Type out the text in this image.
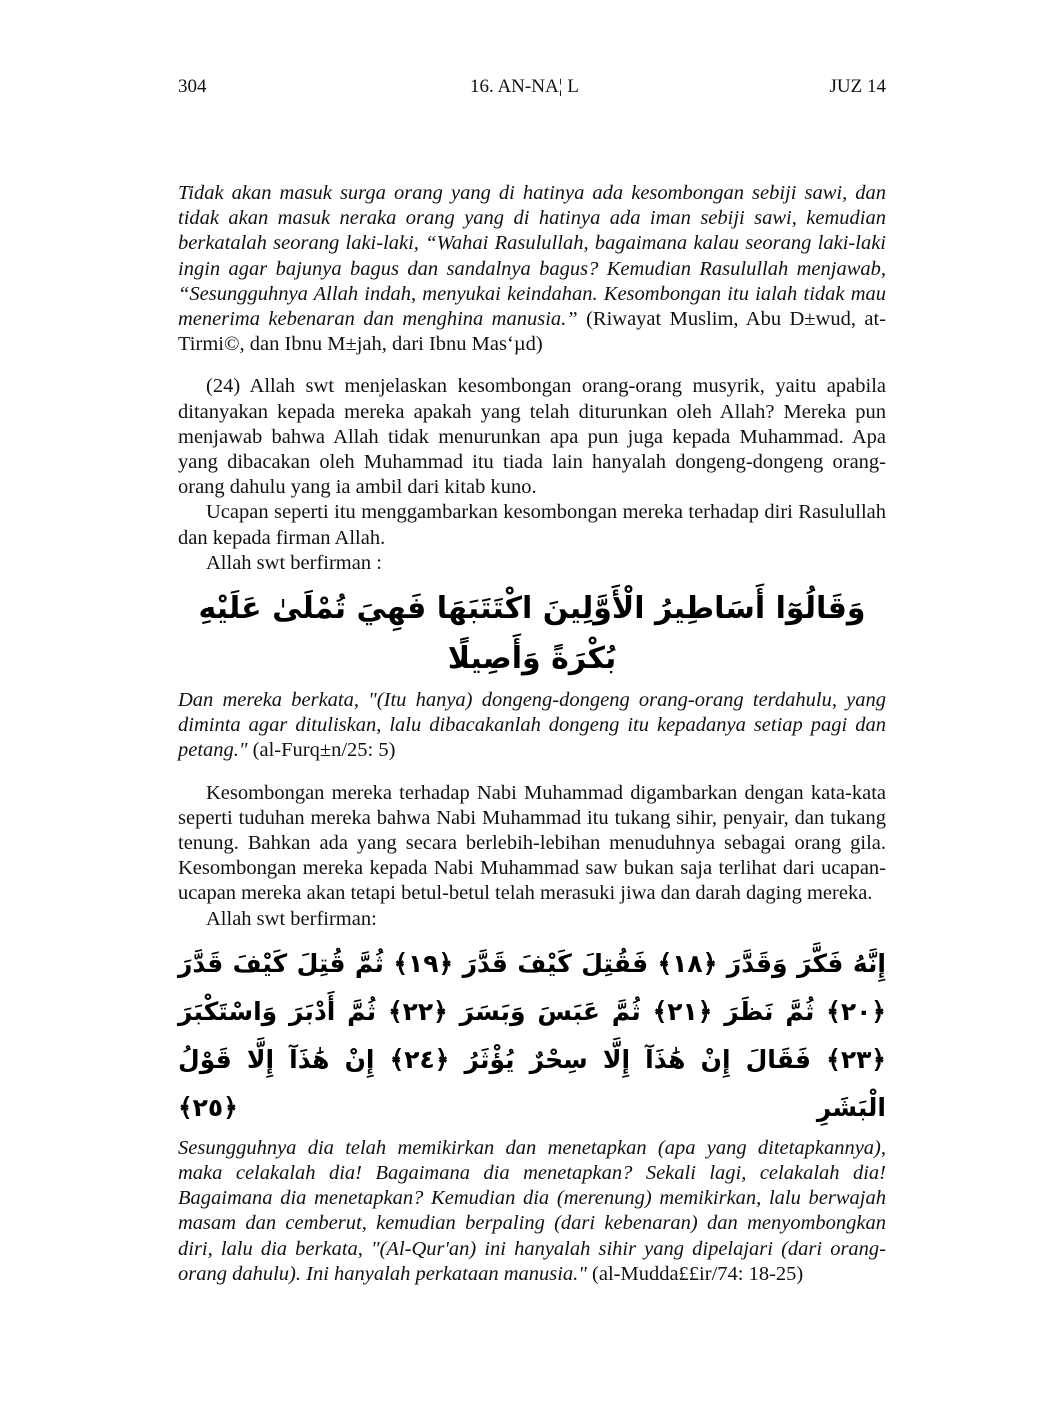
304	16. AN-NA¦ L	JUZ 14

Tidak akan masuk surga orang yang di hatinya ada kesombongan sebiji sawi, dan tidak akan masuk neraka orang yang di hatinya ada iman sebiji sawi, kemudian berkatalah seorang laki-laki, “Wahai Rasulullah, bagaimana kalau seorang laki-laki ingin agar bajunya bagus dan sandalnya bagus? Kemudian Rasulullah menjawab, “Sesungguhnya Allah indah, menyukai keindahan. Kesombongan itu ialah tidak mau menerima kebenaran dan menghina manusia.” (Riwayat Muslim, Abu D±wud, at-Tirmi©, dan Ibnu M±jah, dari Ibnu Mas‘µd)

(24) Allah swt menjelaskan kesombongan orang-orang musyrik, yaitu apabila ditanyakan kepada mereka apakah yang telah diturunkan oleh Allah? Mereka pun menjawab bahwa Allah tidak menurunkan apa pun juga kepada Muhammad. Apa yang dibacakan oleh Muhammad itu tiada lain hanyalah dongeng-dongeng orang-orang dahulu yang ia ambil dari kitab kuno.

Ucapan seperti itu menggambarkan kesombongan mereka terhadap diri Rasulullah dan kepada firman Allah.

Allah swt berfirman :

وَقَالُوٓا أَسَاطِيرُ الْأَوَّلِينَ اكْتَتَبَهَا فَهِيَ تُمْلَىٰ عَلَيْهِ بُكْرَةً وَأَصِيلًا

Dan mereka berkata, "(Itu hanya) dongeng-dongeng orang-orang terdahulu, yang diminta agar dituliskan, lalu dibacakanlah dongeng itu kepadanya setiap pagi dan petang." (al-Furq±n/25: 5)

Kesombongan mereka terhadap Nabi Muhammad digambarkan dengan kata-kata seperti tuduhan mereka bahwa Nabi Muhammad itu tukang sihir, penyair, dan tukang tenung. Bahkan ada yang secara berlebih-lebihan menuduhnya sebagai orang gila. Kesombongan mereka kepada Nabi Muhammad saw bukan saja terlihat dari ucapan-ucapan mereka akan tetapi betul-betul telah merasuki jiwa dan darah daging mereka.

Allah swt berfirman:

إِنَّهُ فَكَّرَ وَقَدَّرَ ﴿١٨﴾ فَقُتِلَ كَيْفَ قَدَّرَ ﴿١٩﴾ ثُمَّ قُتِلَ كَيْفَ قَدَّرَ ﴿٢٠﴾ ثُمَّ نَظَرَ ﴿٢١﴾ ثُمَّ عَبَسَ وَبَسَرَ ﴿٢٢﴾ ثُمَّ أَدْبَرَ وَاسْتَكْبَرَ ﴿٢٣﴾ فَقَالَ إِنْ هَٰذَآ إِلَّا سِحْرٌ يُؤْثَرُ ﴿٢٤﴾ إِنْ هَٰذَآ إِلَّا قَوْلُ الْبَشَرِ ﴿٢٥﴾

Sesungguhnya dia telah memikirkan dan menetapkan (apa yang ditetapkannya), maka celakalah dia! Bagaimana dia menetapkan? Sekali lagi, celakalah dia! Bagaimana dia menetapkan? Kemudian dia (merenung) memikirkan, lalu berwajah masam dan cemberut, kemudian berpaling (dari kebenaran) dan menyombongkan diri, lalu dia berkata, "(Al-Qur'an) ini hanyalah sihir yang dipelajari (dari orang-orang dahulu). Ini hanyalah perkataan manusia." (al-Mudda££ir/74: 18-25)
